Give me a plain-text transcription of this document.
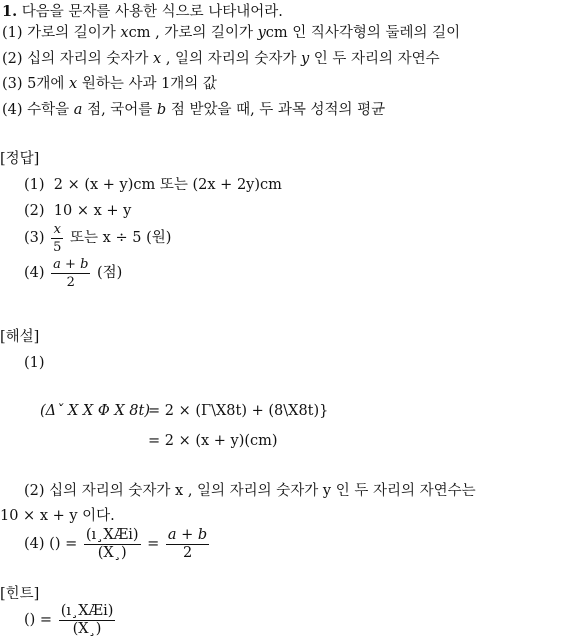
1. 다음을 문자를 사용한 식으로 나타내어라.
(1) 가로의 길이가 xcm , 가로의 길이가 ycm 인 직사각형의 둘레의 길이
(2) 십의 자리의 숫자가 x , 일의 자리의 숫자가 y 인 두 자리의 자연수
(3) 5개에 x 원하는 사과 1개의 값
(4) 수학을 a 점, 국어를 b 점 받았을 때, 두 과목 성적의 평균
[정답]
(1) 2 × (x + y)cm 또는 (2x + 2y)cm
(2) 10 × x + y
$(3) \frac{x}{5}$ 또는 x ÷ 5 (원)
$(4) \frac{a + b}{2}$ (점)
[해설]
(1)
(Δˇ X X Φ X 8t)
= 2 × (Γ\X8t) + (8\X8t)}
= 2 × (x + y)(cm)
(2) 십의 자리의 숫자가 x , 일의 자리의 숫자가 y 인 두 자리의 자연수는
10 × x + y 이다.
(4) () = $\frac{\text{(ı¸XÆi)}}{(X¸)} = \frac{a + b}{2}$
[힌트]
() = $\frac{\text{(ı¸XÆi)}}{(X¸)}$
